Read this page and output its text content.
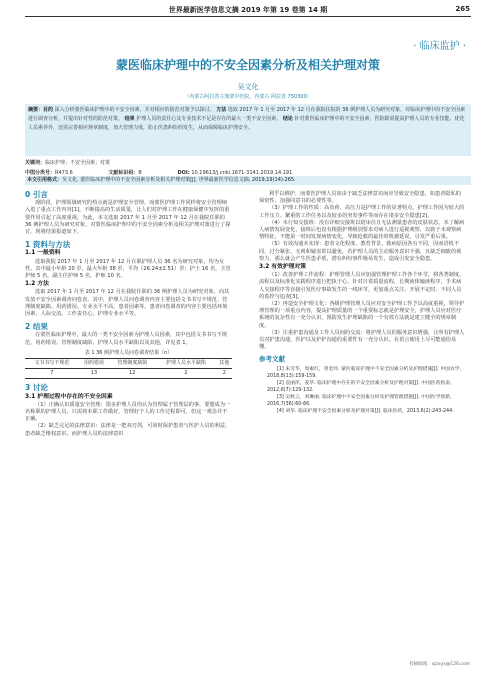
世界最新医学信息文摘 2019 年第 19 卷第 14 期	265
· 临床监护 ·
蒙医临床护理中的不安全因素分析及相关护理对策
吴文化
（内蒙古阿拉善左旗蒙中医院，内蒙古 阿拉善 750300）
摘要：目的 深入分析蒙医临床护理中的不安全因素，并对相应的防范对策予以探讨。 方法 选取 2017 年 1 月至 2017 年 12 月在我院住院的 36 例护理人员为研究对象，对临床护理中的不安全因素进行调查分析，并提出针对性的防范对策。 结果 护理人员的责任心及专业技术不足是存在的最大一类不安全因素。 结论 针对蒙医临床护理中的不安全因素，医院除需提高护理人员的专业技能、优化人员素养外，还需完善相应规章制度，加大管理力度，防止医患纠纷的发生，从而保障临床护理安全。
关键词：临床护理；不安全因素；对策
中图分类号：R473.6	文献标识码：B	DOI: 10.19613/j.cnki.1671-3141.2019.14.191
本文引用格式：吴文化. 蒙医临床护理中的不安全因素分析及相关护理对策[J]. 世界最新医学信息文摘, 2019,19(14):265.
0 引言

现阶段，护理领域研究的热点就是护理安全管理，而蒙医护理工作同样将安全管理纳入进了重点工作内容[1]。不断提高的生活质量，让人们对护理工作在健康保健中发挥的重要作用引起了高度重视。为此，本文选取 2017 年 1 月至 2017 年 12 月在我院任职的 36 例护理人员为研究对象，对蒙医临床护理中的不安全因素分析及相关护理对策进行了探讨，现将结果报道如下。

1 资料与方法
1.1 一般资料

选取我院 2017 年 1 月至 2017 年 12 月在职护理人员 36 名为研究对象，均为女性。其中最小年龄 20 岁，最大年龄 38 岁，平均（26.24±2.51）岁；护士 16 名，主管护师 5 名，副主任护师 5 名，护师 10 名。

1.2 方法

选取 2017 年 1 月至 2017 年 12 月在我院任职的 36 例护理人员为研究对象，向其发放不安全因素调查问卷表，其中，护理人员问卷调查内容主要包括文书书写不规范、管理制度缺陷、用药错误、专业水平不高、患者因素等。患者问卷调查的内容主要包括环境因素、人际交流、工作责任心、护理专业水平等。

2 结果

在蒙医临床护理中，最大的一类不安全因素为护理人员因素，其中包括文书书写不规范、用药错误、管理制度缺陷、护理人员水平缺陷以及其他，详见表 1。

表 1 36 例护理人员问卷调查结果（n）
文书书写不规范	用药错误	管理制度缺陷	护理人员水平缺陷	其他
7	13	12	2	2
3 讨论
3.1 护理过程中存在的不安全因素

（1）正确认识质量安全管理：很多护理人员均认为管理属于管理层的事，要想成为一名称职的护理人员，只需将本职工作做好，管理好个人的工作过程即可，但这一观念并不正确。

（2）缺乏完足的法律意识：法律是一把双刃剑，可同时保护患者与医护人员的利益，患者缺乏维权意识，而护理人员的法律意识

利乎以维护，而蒙医护理人员如由于缺乏法律意识而应导致安全隐患，如患者隐私的保密性、加强同意书的必要性等。

（3）护理工作的性质：高负荷、高压力是护理工作的显著特点，护理工作因为较大的工作压力、繁重的工作任务以及较多的突发事件等而存在诸多安全隐患[2]。

（4）未行知交接班：没有详细交接班以陪床住且无法测量患者的皮肤状态，未了解病人病情发展变化，接班后也没有根据护理级别要求对病人进行巡视观察，以致于未观察病情特征，不能第一时间发现病情变化，导致抢救的最佳时机被延误，引发严重后果。

（5）有效沟通未实现：患者文化程度、教育背景、致病原因各有不同，因而语机不同，过分紧张、无视和疑虑常以避免，若护理人员的主动服务意识不强，且缺乏细致的观察力，那么就会产生医患矛盾，潜在纠纷事件极易发生，造成引发安全隐患。

3.2 有效护理对策

（1）改善护理工作流程：护理管理人员应加强管理护理工作各个环节，将各类制度、流程以及标准化实践程序进行把执于心，针对日常质量流程，长期液体输液程序，手术病人交接程序等直接引发医疗事故发生的一线环节，更加重点关注，开展不定时、不同人员的监控与追查[3]。

（2）再造安全护理文化：各级护理管理人员应对安全护理工作予以高度重视，领导护理管理的一项重点内容，提高护理质量的一个重要标志就是护理安全，护理人员应对医疗系统的复杂性有一充分认识，预防发生护理缺陷的一个有效方法就是建立健全的规章制度。

（3）注重护患沟通及工作人员间的交流：将护理人员的服务意识增强，让所有护理人员对护患沟通、医护以及护护沟通的重要性有一充分认识。在语言使用上尽可能通俗易懂。

参考文献

[1] 朱雪华，周素红，曾金玲. 蒙医临床护理中不安全因素分析及护理措施[J]. 中国农学，2018,8(13):159-159.

[2] 袁丽萍，姜华. 临床护理中存在的不安全因素分析及护理对策[J]. 中国医药指南，2012,6(7):129-132.

[3] 吴秋云，刘琳丽. 临床护理中不安全因素分析及护理管理措施[J]. 中国医学创新，2016,7(36):60-66.

[4] 刘华. 临床护理不安全因素分析及护理对策[J]. 临床医药，2013,6(2):243-244.

投稿邮箱：sjzxyx@126.com
